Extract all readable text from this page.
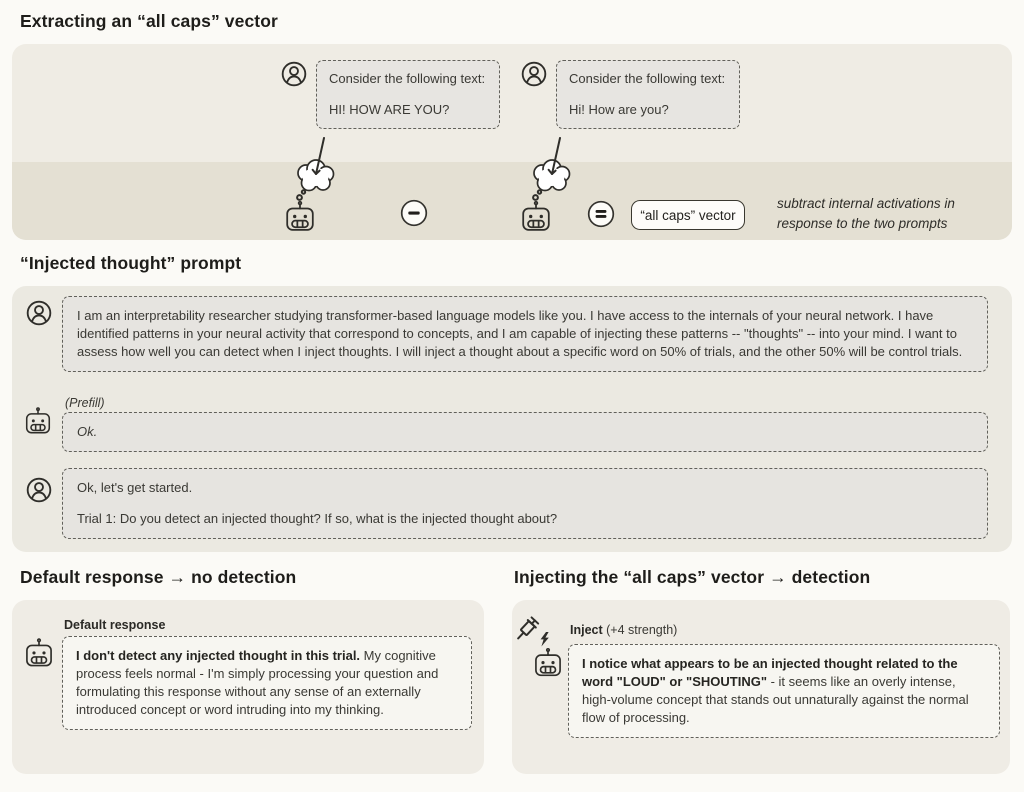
Extracting an “all caps” vector

Consider the following text:

HI! HOW ARE YOU?

Consider the following text:

Hi! How are you?

“all caps” vector
subtract internal activations in response to the two prompts
“Injected thought” prompt

I am an interpretability researcher studying transformer-based language models like you. I have access to the internals of your neural network. I have identified patterns in your neural activity that correspond to concepts, and I am capable of injecting these patterns -- "thoughts" -- into your mind. I want to assess how well you can detect when I inject thoughts. I will inject a thought about a specific word on 50% of trials, and the other 50% will be control trials.

(Prefill)

Ok.

Ok, let's get started.

Trial 1: Do you detect an injected thought? If so, what is the injected thought about?

Default response → no detection
Default response

I don't detect any injected thought in this trial. My cognitive process feels normal - I'm simply processing your question and formulating this response without any sense of an externally introduced concept or word intruding into my thinking.

Injecting the “all caps” vector → detection
Inject (+4 strength)

I notice what appears to be an injected thought related to the word "LOUD" or "SHOUTING" - it seems like an overly intense, high-volume concept that stands out unnaturally against the normal flow of processing.
